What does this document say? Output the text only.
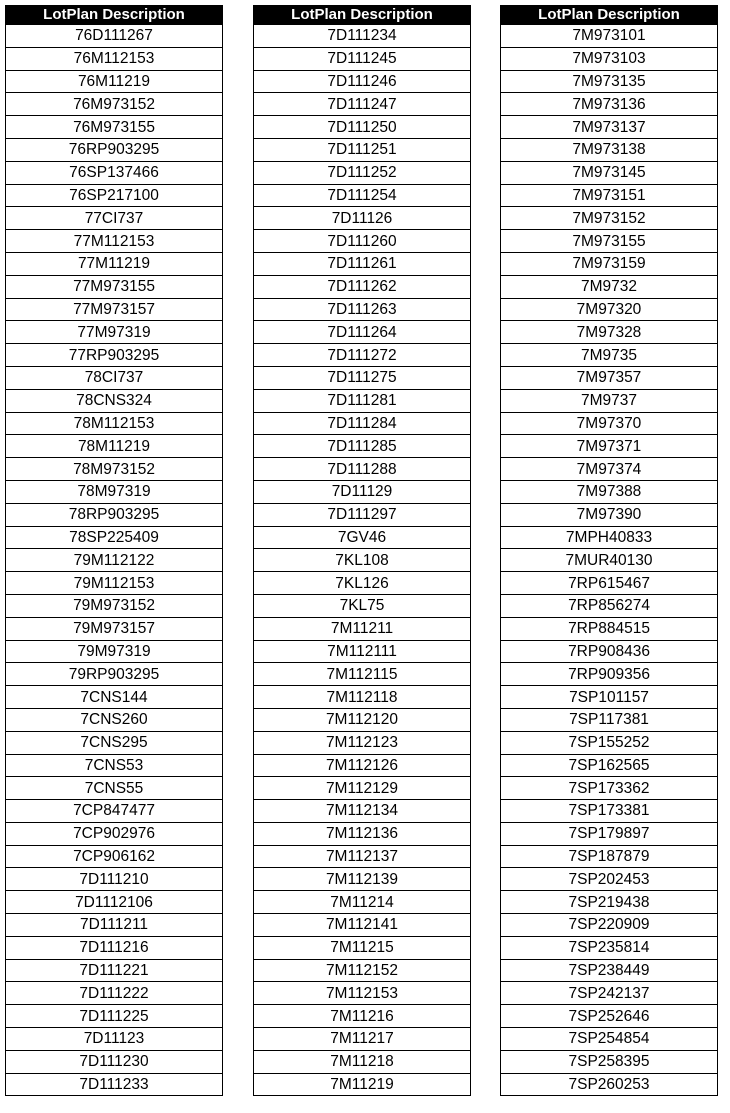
LotPlan Description
76D111267
76M112153
76M11219
76M973152
76M973155
76RP903295
76SP137466
76SP217100
77CI737
77M112153
77M11219
77M973155
77M973157
77M97319
77RP903295
78CI737
78CNS324
78M112153
78M11219
78M973152
78M97319
78RP903295
78SP225409
79M112122
79M112153
79M973152
79M973157
79M97319
79RP903295
7CNS144
7CNS260
7CNS295
7CNS53
7CNS55
7CP847477
7CP902976
7CP906162
7D111210
7D1112106
7D111211
7D111216
7D111221
7D111222
7D111225
7D11123
7D111230
7D111233
LotPlan Description
7D111234
7D111245
7D111246
7D111247
7D111250
7D111251
7D111252
7D111254
7D11126
7D111260
7D111261
7D111262
7D111263
7D111264
7D111272
7D111275
7D111281
7D111284
7D111285
7D111288
7D11129
7D111297
7GV46
7KL108
7KL126
7KL75
7M11211
7M112111
7M112115
7M112118
7M112120
7M112123
7M112126
7M112129
7M112134
7M112136
7M112137
7M112139
7M11214
7M112141
7M11215
7M112152
7M112153
7M11216
7M11217
7M11218
7M11219
LotPlan Description
7M973101
7M973103
7M973135
7M973136
7M973137
7M973138
7M973145
7M973151
7M973152
7M973155
7M973159
7M9732
7M97320
7M97328
7M9735
7M97357
7M9737
7M97370
7M97371
7M97374
7M97388
7M97390
7MPH40833
7MUR40130
7RP615467
7RP856274
7RP884515
7RP908436
7RP909356
7SP101157
7SP117381
7SP155252
7SP162565
7SP173362
7SP173381
7SP179897
7SP187879
7SP202453
7SP219438
7SP220909
7SP235814
7SP238449
7SP242137
7SP252646
7SP254854
7SP258395
7SP260253
